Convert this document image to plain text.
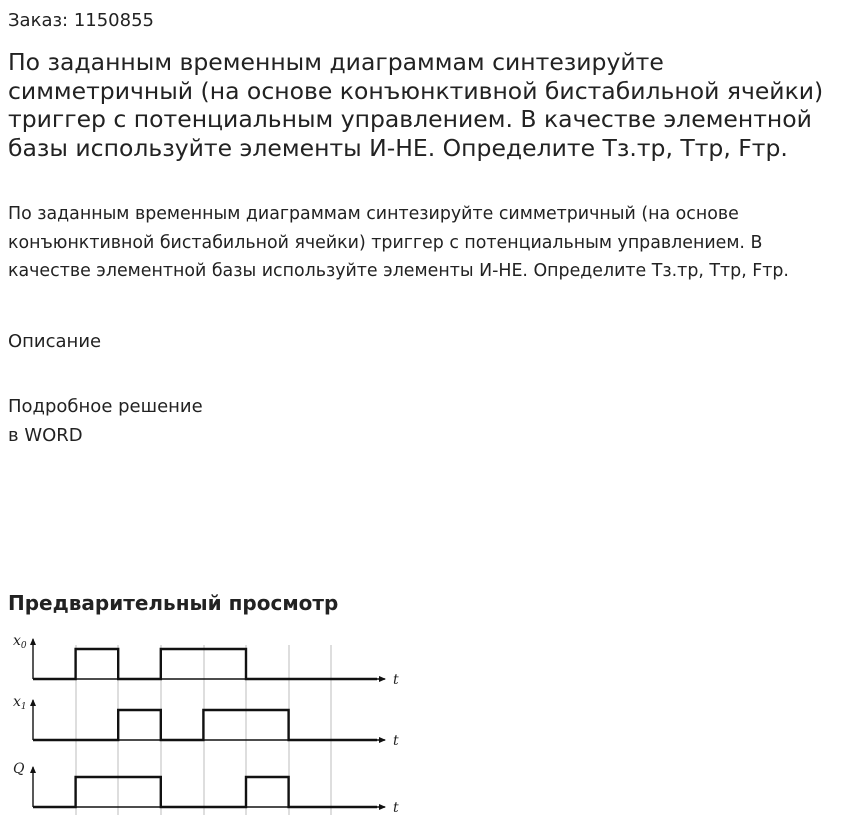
Заказ: 1150855
По заданным временным диаграммам синтезируйте симметричный (на основе конъюнктивной бистабильной ячейки) триггер с потенциальным управлением. В качестве элементной базы используйте элементы И-НЕ. Определите Тз.тр, Ттр, Fтр.

По заданным временным диаграммам синтезируйте симметричный (на основе конъюнктивной бистабильной ячейки) триггер с потенциальным управлением. В качестве элементной базы используйте элементы И-НЕ. Определите Тз.тр, Ттр, Fтр.

Описание
Подробное решение
в WORD
Предварительный просмотр
t
$x_0$
t
$x_1$
t
Q
